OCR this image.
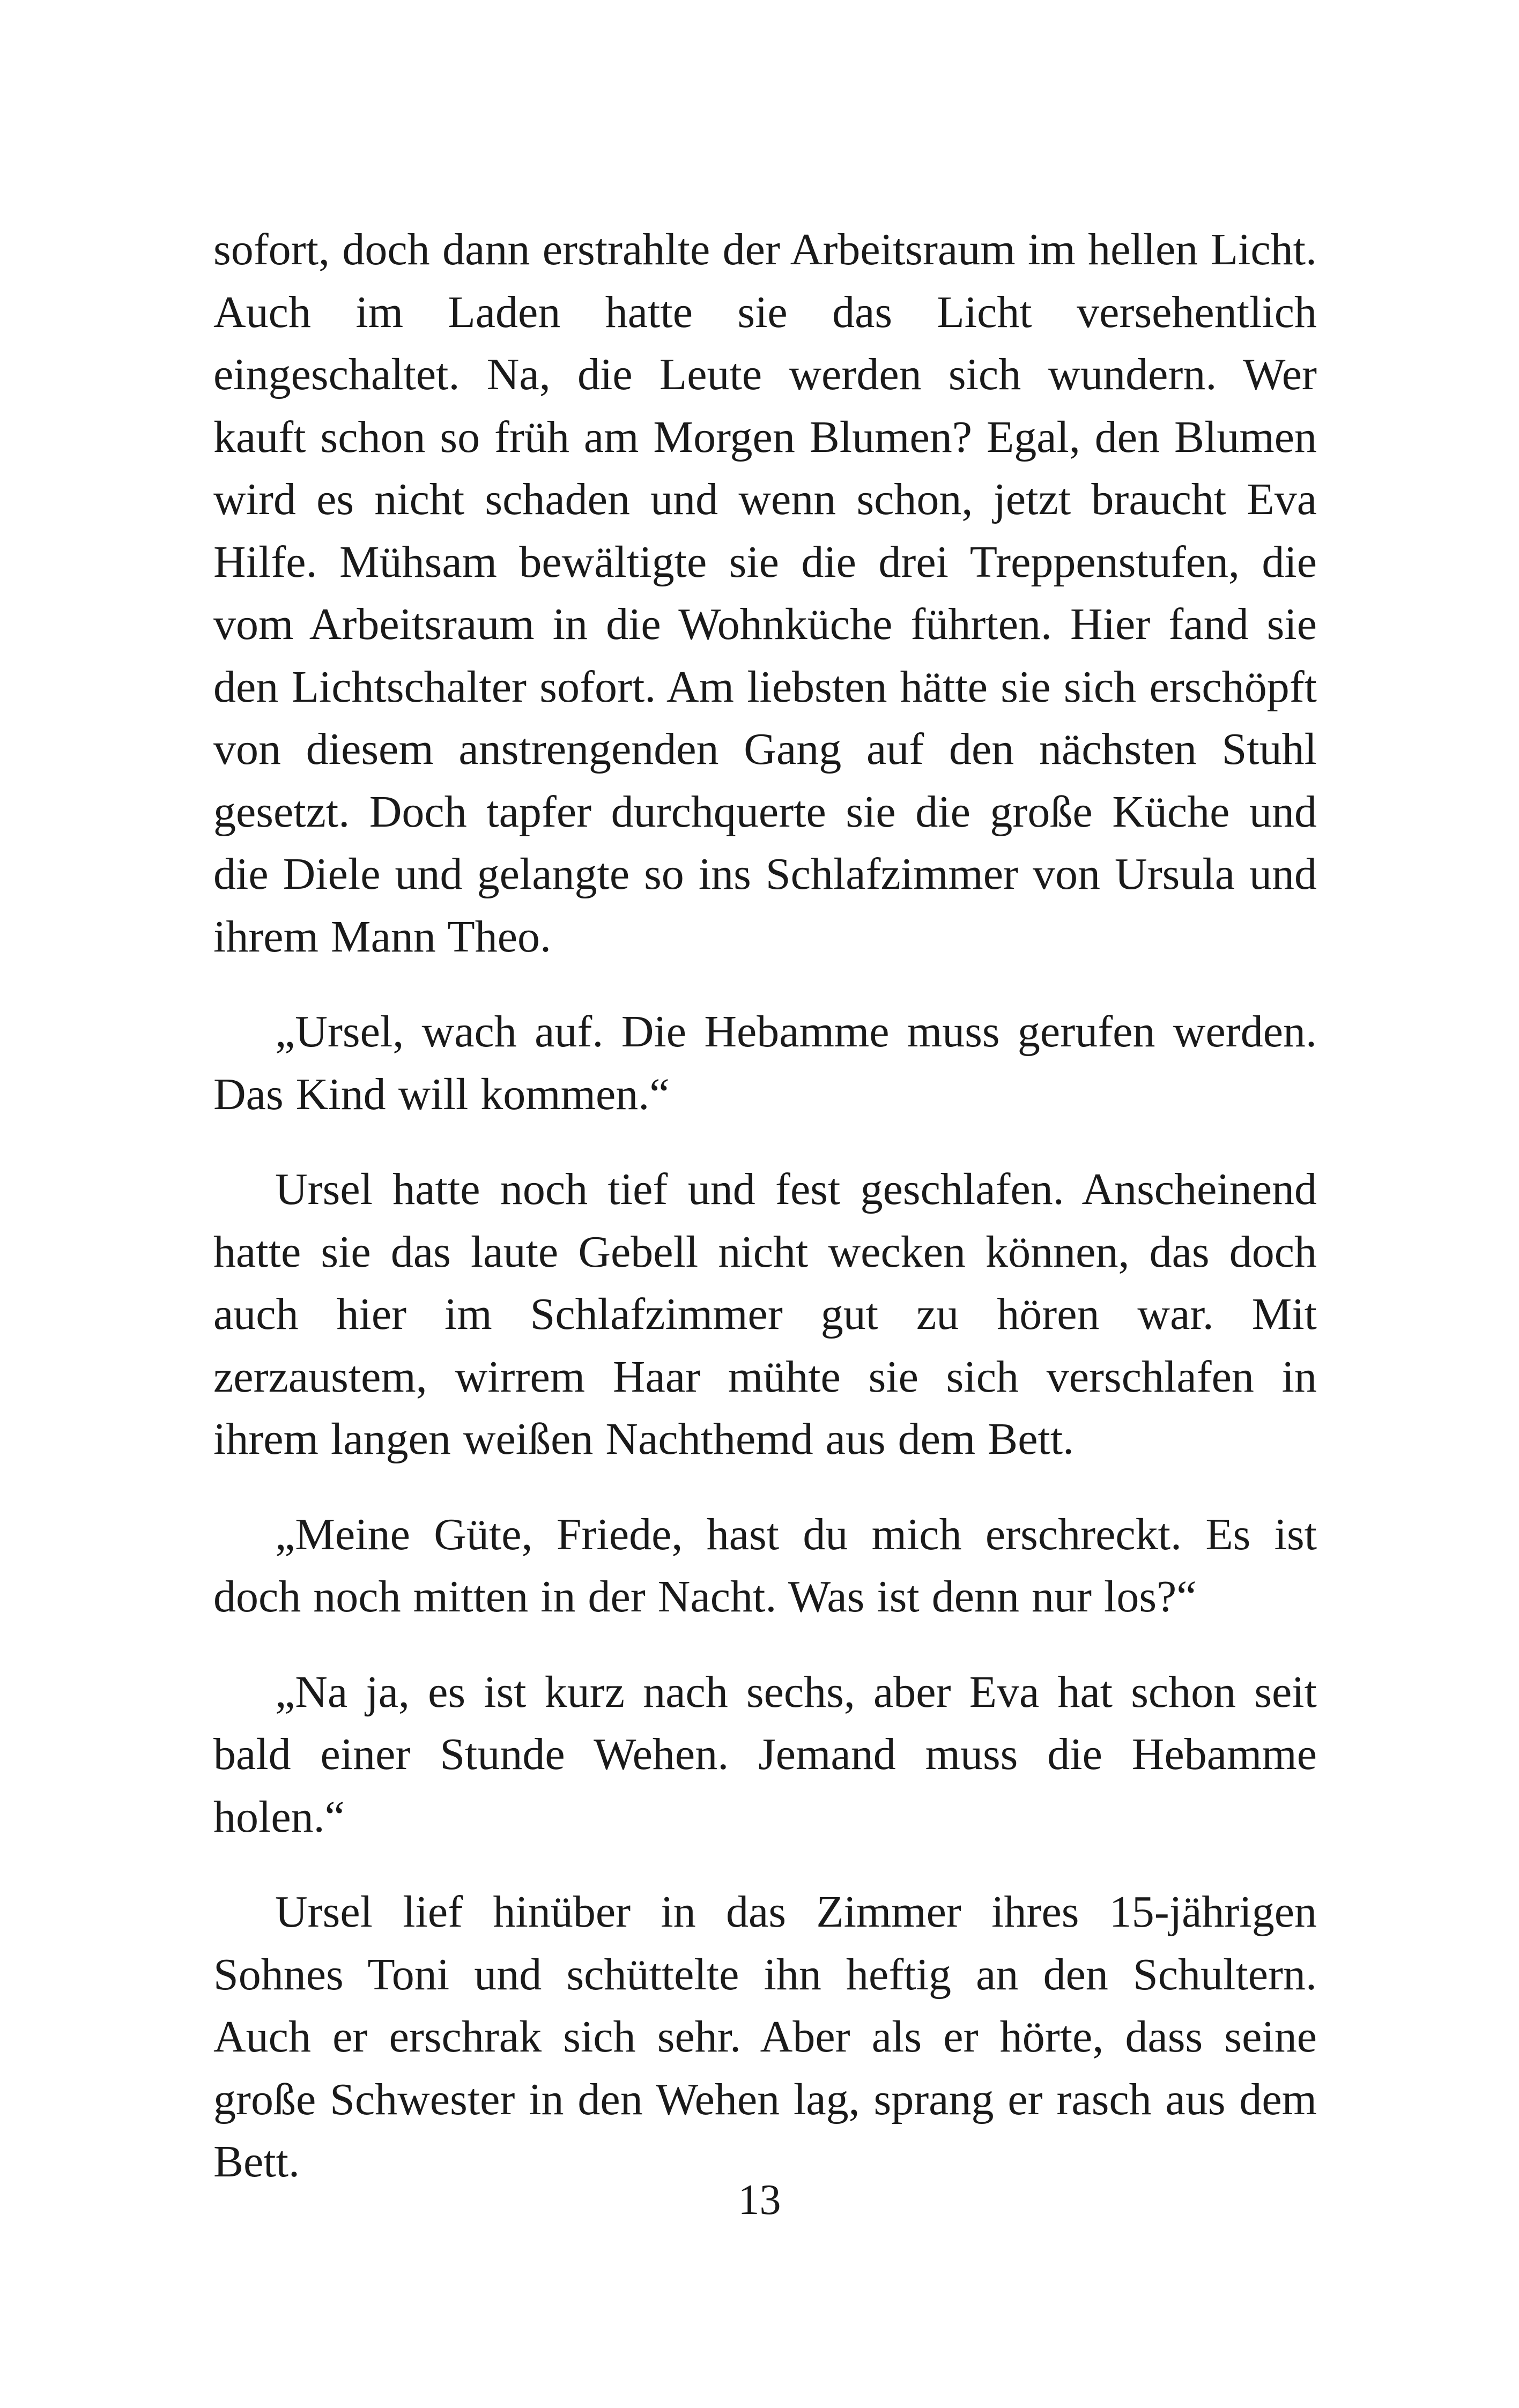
sofort, doch dann erstrahlte der Arbeitsraum im hellen Licht. Auch im Laden hatte sie das Licht versehentlich eingeschaltet. Na, die Leute werden sich wundern. Wer kauft schon so früh am Morgen Blumen? Egal, den Blumen wird es nicht schaden und wenn schon, jetzt braucht Eva Hilfe. Mühsam bewältigte sie die drei Treppenstufen, die vom Arbeitsraum in die Wohnküche führten. Hier fand sie den Lichtschalter sofort. Am liebsten hätte sie sich erschöpft von diesem anstrengenden Gang auf den nächsten Stuhl gesetzt. Doch tapfer durchquerte sie die große Küche und die Diele und gelangte so ins Schlafzimmer von Ursula und ihrem Mann Theo.

„Ursel, wach auf. Die Hebamme muss gerufen werden. Das Kind will kommen.“

Ursel hatte noch tief und fest geschlafen. Anscheinend hatte sie das laute Gebell nicht wecken können, das doch auch hier im Schlafzimmer gut zu hören war. Mit zerzaustem, wirrem Haar mühte sie sich verschlafen in ihrem langen weißen Nachthemd aus dem Bett.

„Meine Güte, Friede, hast du mich erschreckt. Es ist doch noch mitten in der Nacht. Was ist denn nur los?“

„Na ja, es ist kurz nach sechs, aber Eva hat schon seit bald einer Stunde Wehen. Jemand muss die Hebamme holen.“

Ursel lief hinüber in das Zimmer ihres 15-jährigen Sohnes Toni und schüttelte ihn heftig an den Schultern. Auch er erschrak sich sehr. Aber als er hörte, dass seine große Schwester in den Wehen lag, sprang er rasch aus dem Bett.

13
